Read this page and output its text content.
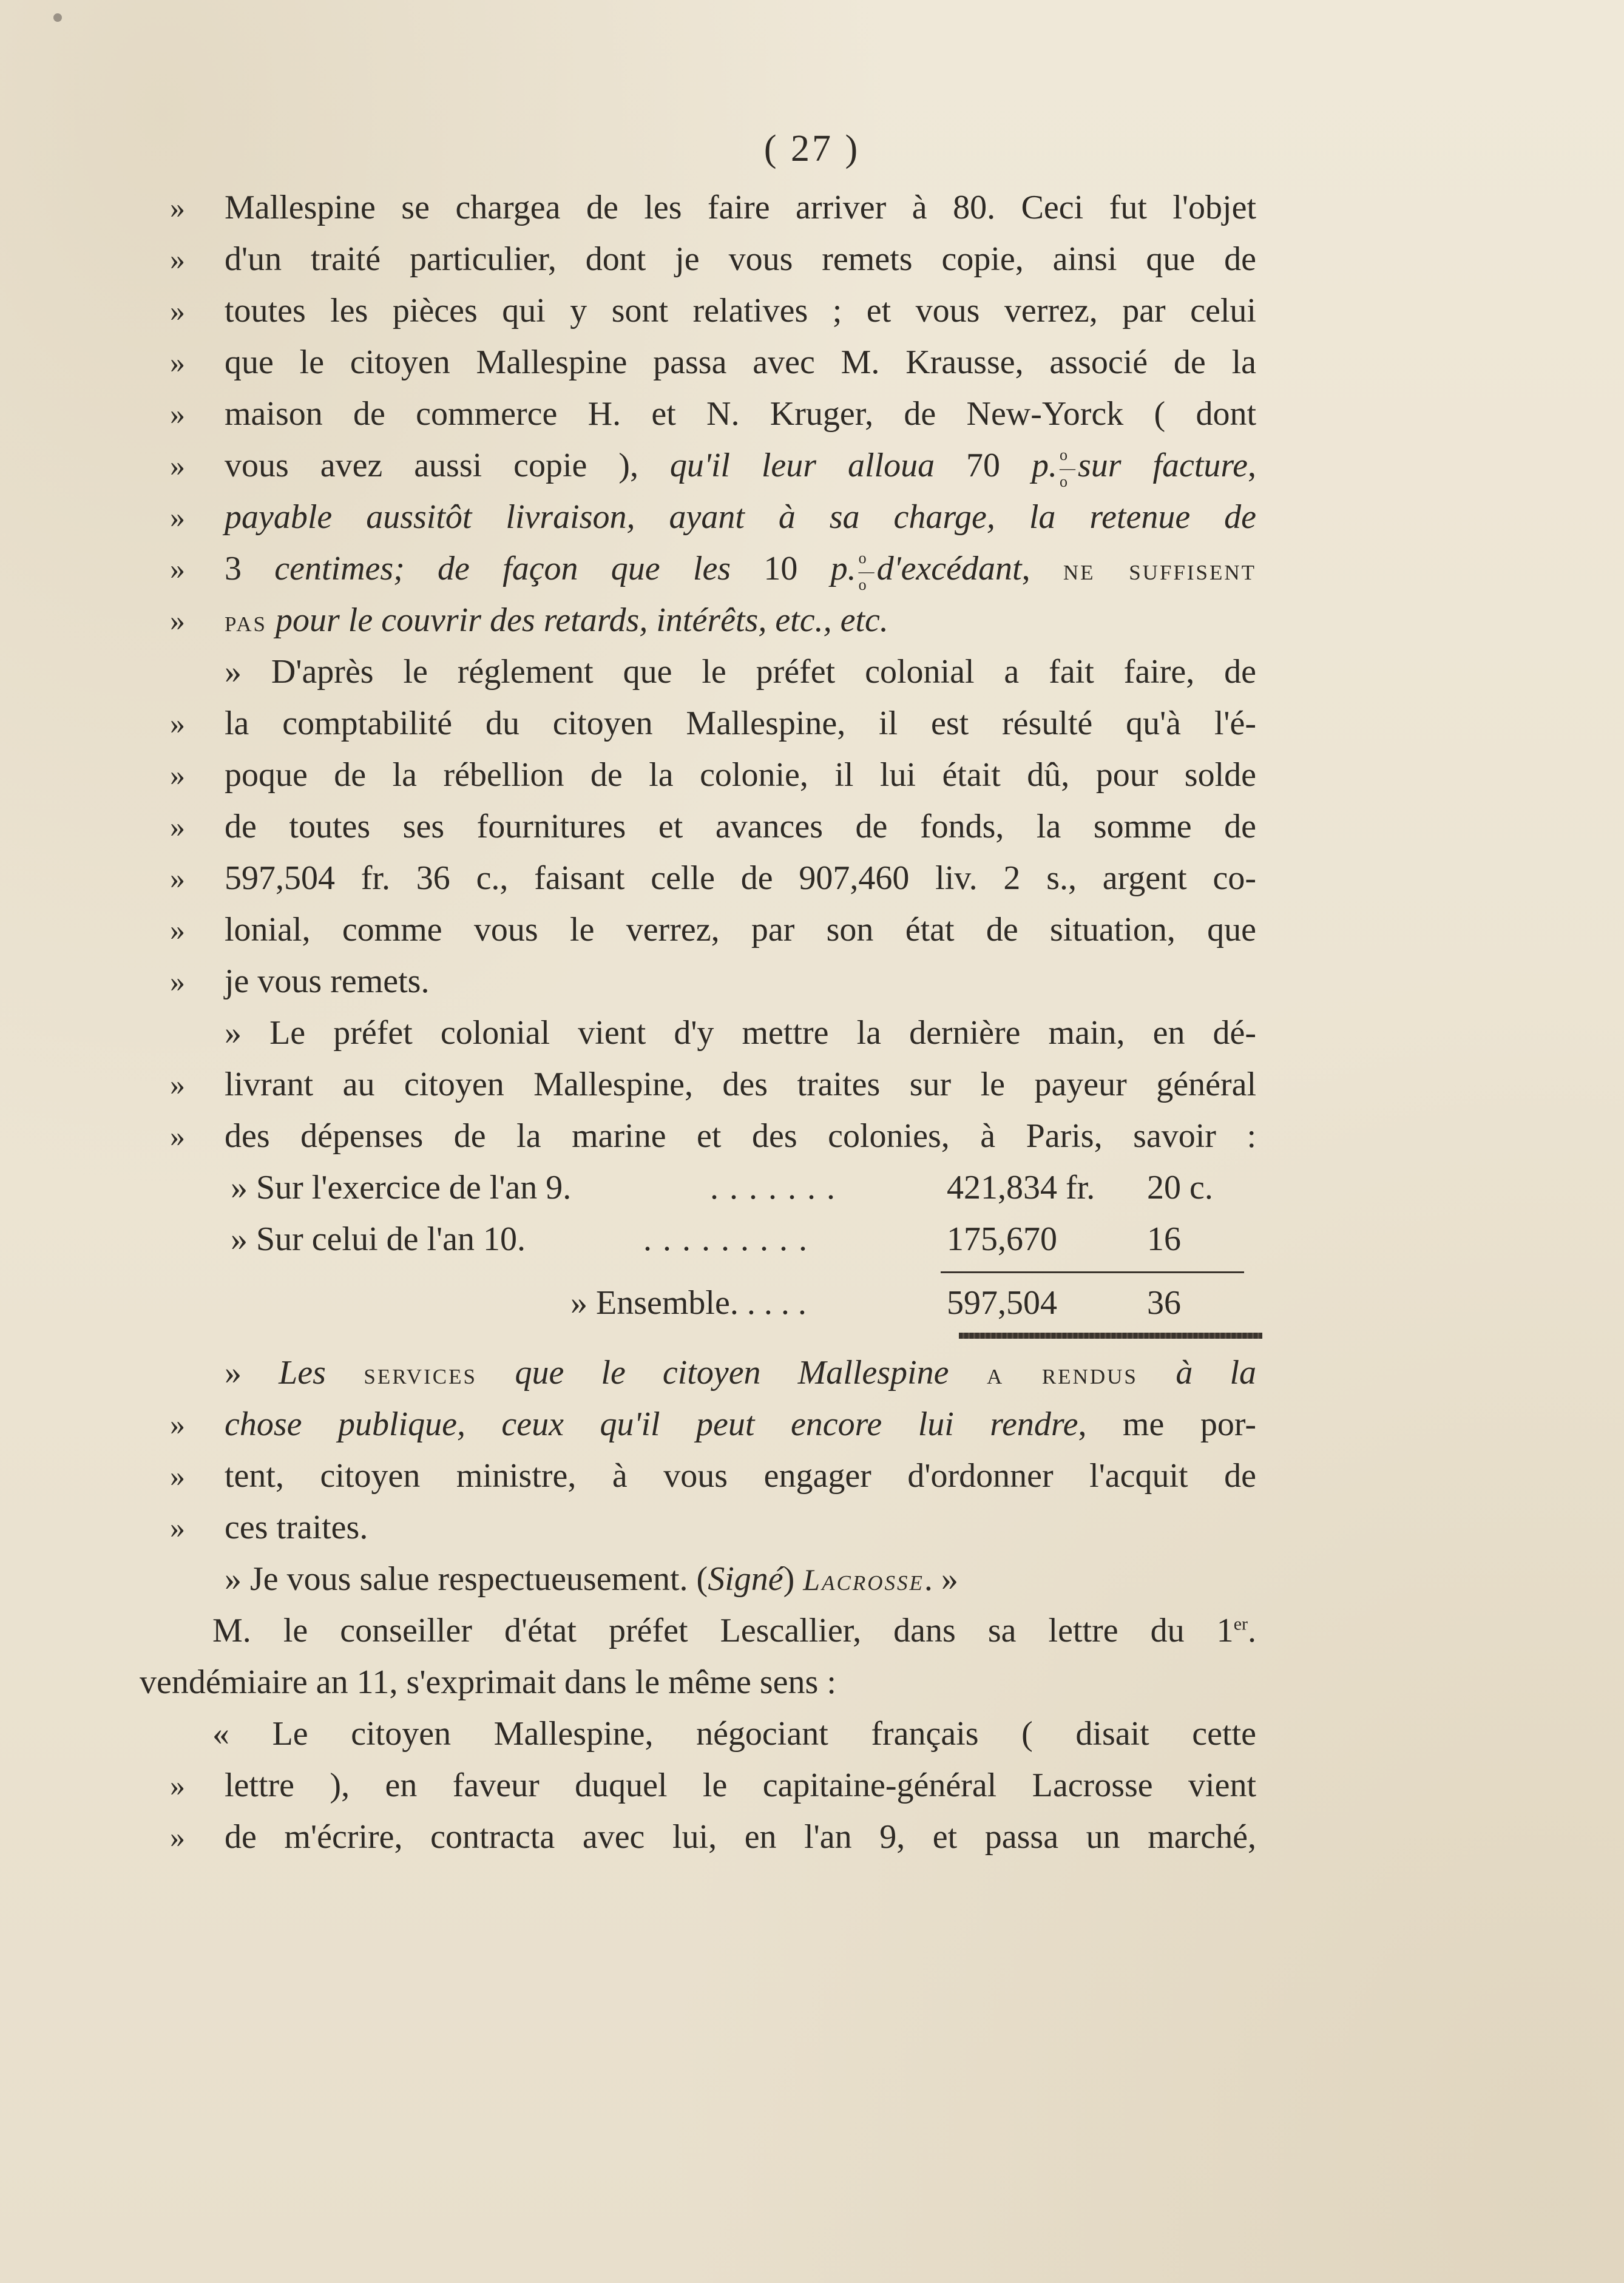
( 27 )
»	Mallespine se chargea de les faire arriver à 80. Ceci fut l'objet
»	d'un traité particulier, dont je vous remets copie, ainsi que de
»	toutes les pièces qui y sont relatives ; et vous verrez, par celui
»	que le citoyen Mallespine passa avec M. Krausse, associé de la
»	maison de commerce H. et N. Kruger, de New-Yorck ( dont
»	vous avez aussi copie ), qu'il leur alloua 70 p. o
—
o sur facture,
»	payable aussitôt livraison, ayant à sa charge, la retenue de
»	3 centimes; de façon que les 10 p. o
—
o d'excédant, ne suffisent
»	pas pour le couvrir des retards, intérêts, etc., etc.
» D'après le réglement que le préfet colonial a fait faire, de
»	la comptabilité du citoyen Mallespine, il est résulté qu'à l'é-
»	poque de la rébellion de la colonie, il lui était dû, pour solde
»	de toutes ses fournitures et avances de fonds, la somme de
»	597,504 fr. 36 c., faisant celle de 907,460 liv. 2 s., argent co-
»	lonial, comme vous le verrez, par son état de situation, que
»	je vous remets.
» Le préfet colonial vient d'y mettre la dernière main, en dé-
»	livrant au citoyen Mallespine, des traites sur le payeur général
»	des dépenses de la marine et des colonies, à Paris, savoir :
» Sur l'exercice de l'an 9.	.......	421,834 fr. 20 c.
» Sur celui de l'an 10.	.........	175,670	16
» Ensemble. . . . .	597,504	36
» Les services que le citoyen Mallespine a rendus à la
»	chose publique, ceux qu'il peut encore lui rendre, me por-
»	tent, citoyen ministre, à vous engager d'ordonner l'acquit de
»	ces traites.
» Je vous salue respectueusement. (Signé) Lacrosse. »
M. le conseiller d'état préfet Lescallier, dans sa lettre du 1er.
vendémiaire an 11, s'exprimait dans le même sens :
« Le citoyen Mallespine, négociant français ( disait cette
»	lettre ), en faveur duquel le capitaine-général Lacrosse vient
»	de m'écrire, contracta avec lui, en l'an 9, et passa un marché,
